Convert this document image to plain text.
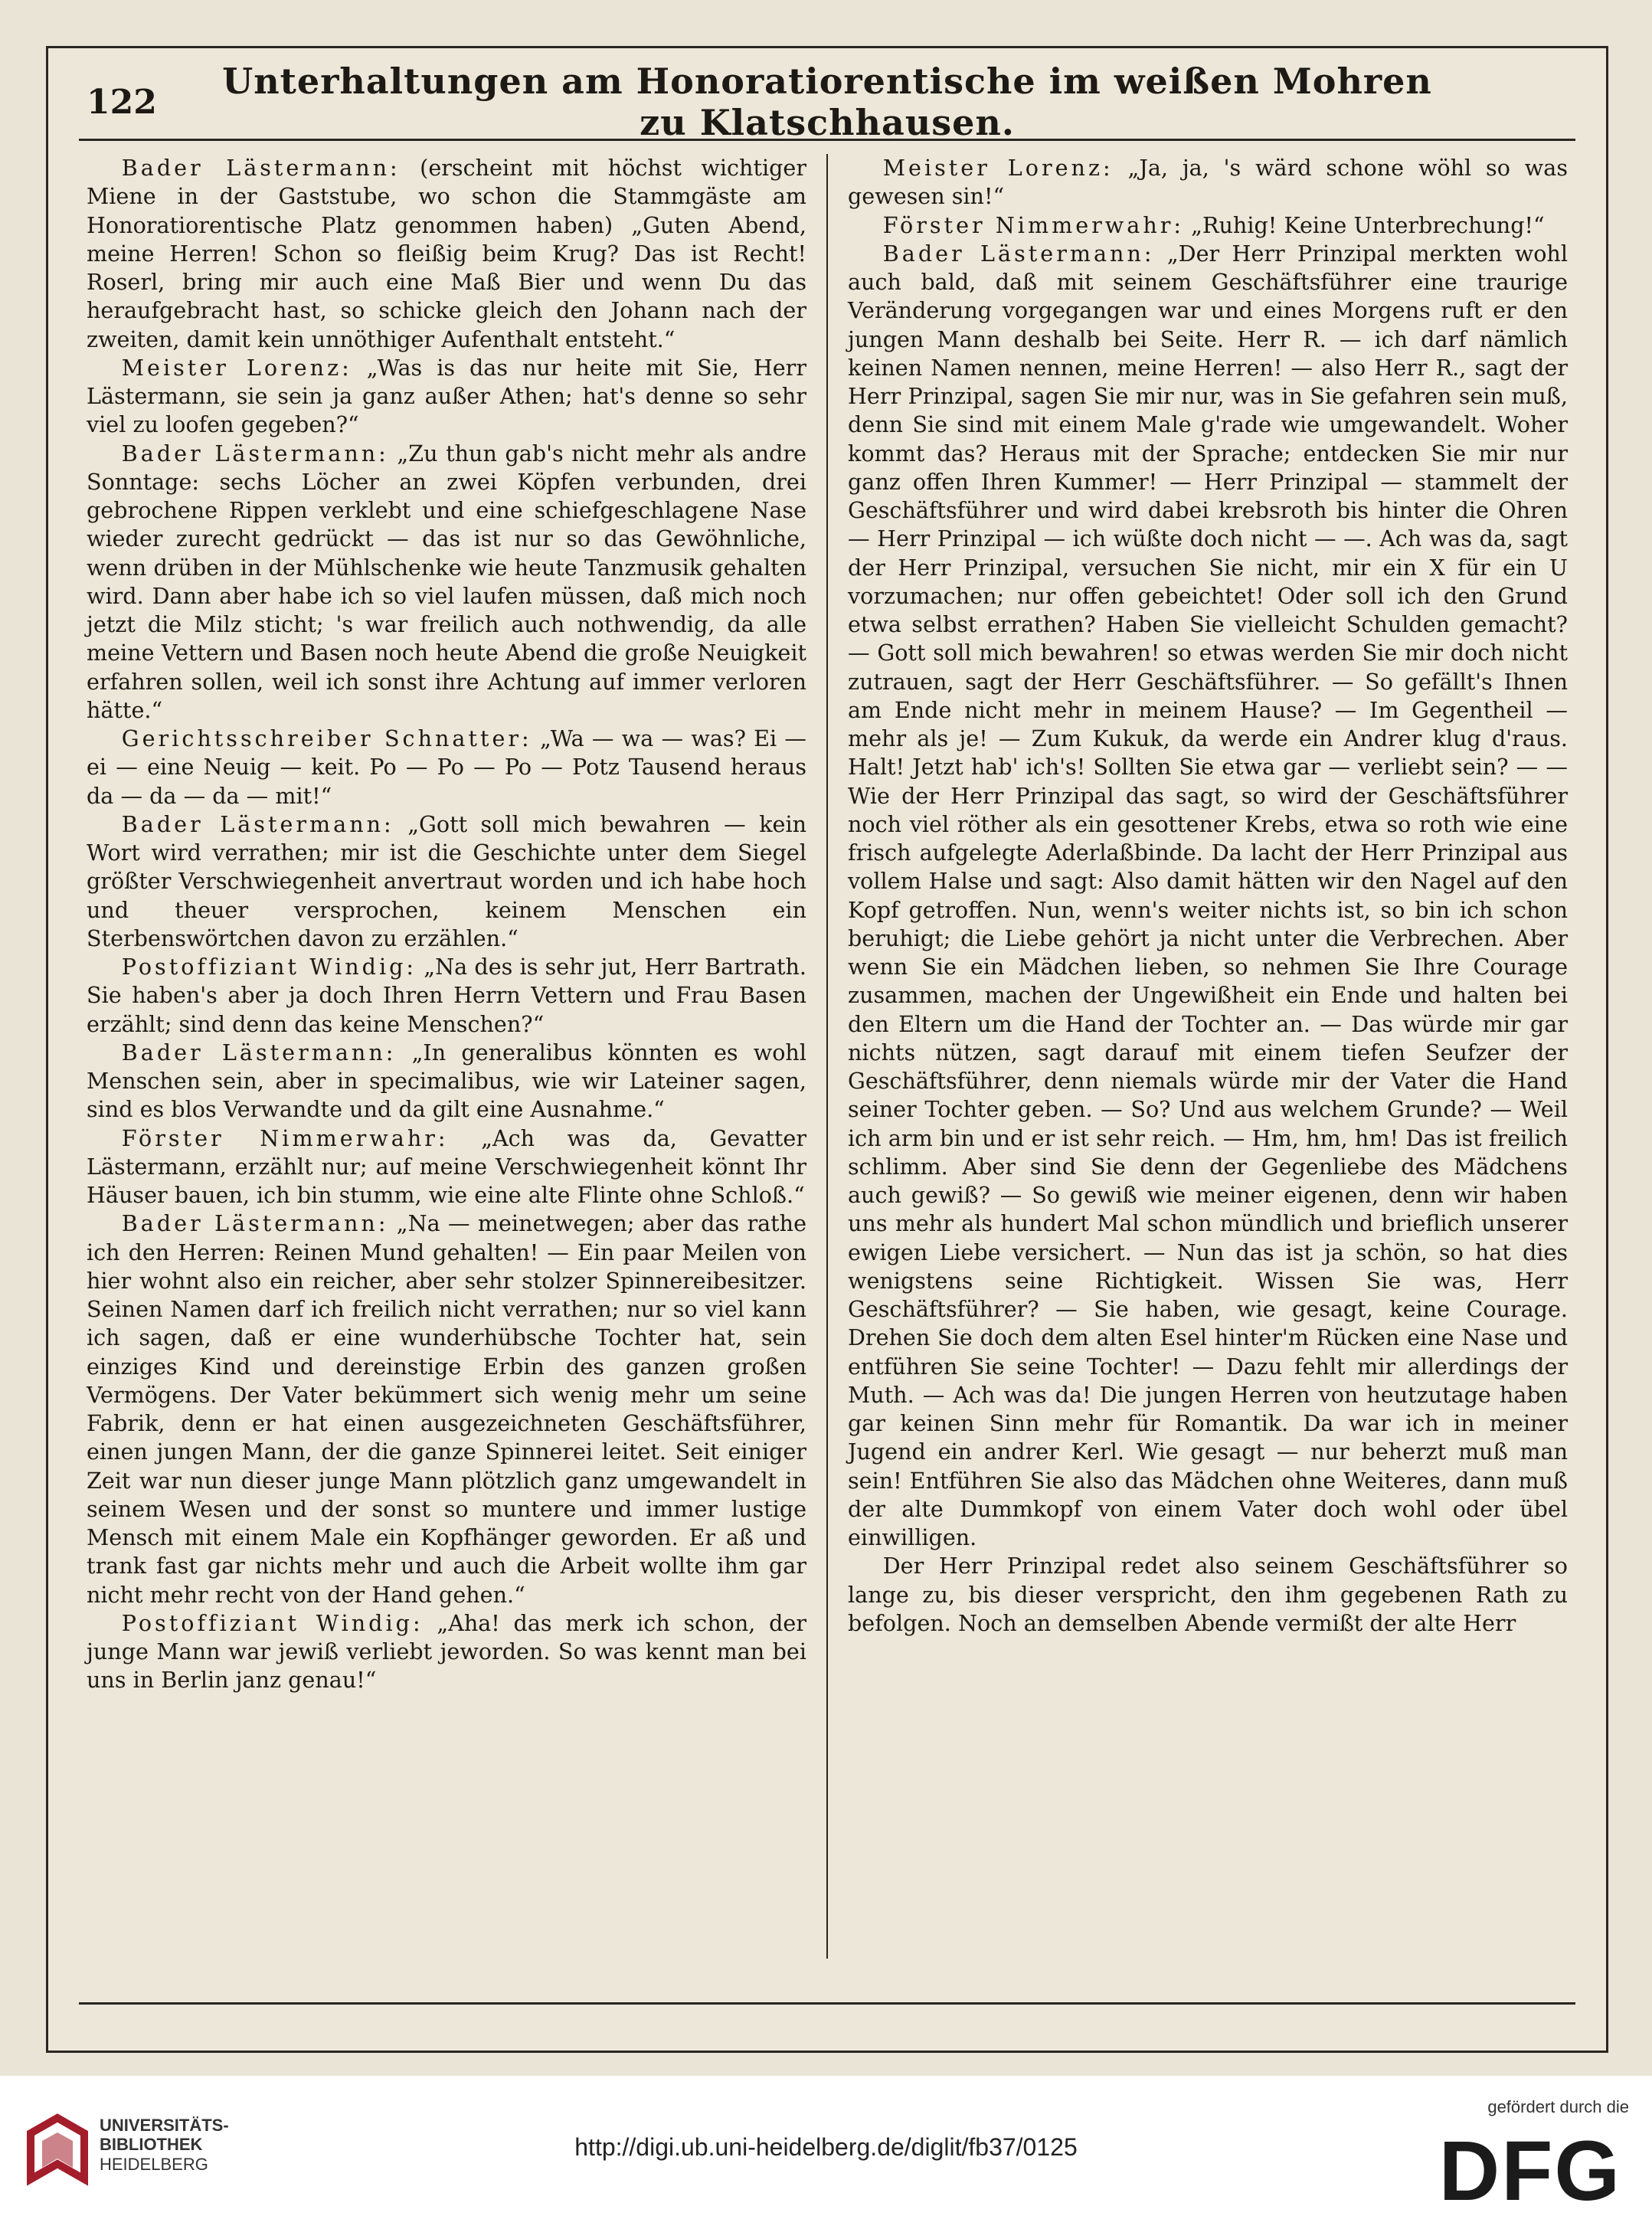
122	Unterhaltungen am Honoratiorentische im weißen Mohren zu Klatschhausen.

Bader Lästermann: (erscheint mit höchst wichtiger Miene in der Gaststube, wo schon die Stammgäste am Honoratiorentische Platz genommen haben) „Guten Abend, meine Herren! Schon so fleißig beim Krug? Das ist Recht! Roserl, bring mir auch eine Maß Bier und wenn Du das heraufgebracht hast, so schicke gleich den Johann nach der zweiten, damit kein unnöthiger Aufenthalt entsteht.“

Meister Lorenz: „Was is das nur heite mit Sie, Herr Lästermann, sie sein ja ganz außer Athen; hat's denne so sehr viel zu loofen gegeben?“

Bader Lästermann: „Zu thun gab's nicht mehr als andre Sonntage: sechs Löcher an zwei Köpfen verbunden, drei gebrochene Rippen verklebt und eine schiefgeschlagene Nase wieder zurecht gedrückt — das ist nur so das Gewöhnliche, wenn drüben in der Mühlschenke wie heute Tanzmusik gehalten wird. Dann aber habe ich so viel laufen müssen, daß mich noch jetzt die Milz sticht; 's war freilich auch nothwendig, da alle meine Vettern und Basen noch heute Abend die große Neuigkeit erfahren sollen, weil ich sonst ihre Achtung auf immer verloren hätte.“

Gerichtsschreiber Schnatter: „Wa — wa — was? Ei — ei — eine Neuig — keit. Po — Po — Po — Potz Tausend heraus da — da — da — mit!“

Bader Lästermann: „Gott soll mich bewahren — kein Wort wird verrathen; mir ist die Geschichte unter dem Siegel größter Verschwiegenheit anvertraut worden und ich habe hoch und theuer versprochen, keinem Menschen ein Sterbenswörtchen davon zu erzählen.“

Postoffiziant Windig: „Na des is sehr jut, Herr Bartrath. Sie haben's aber ja doch Ihren Herrn Vettern und Frau Basen erzählt; sind denn das keine Menschen?“

Bader Lästermann: „In generalibus könnten es wohl Menschen sein, aber in specimalibus, wie wir Lateiner sagen, sind es blos Verwandte und da gilt eine Ausnahme.“

Förster Nimmerwahr: „Ach was da, Gevatter Lästermann, erzählt nur; auf meine Verschwiegenheit könnt Ihr Häuser bauen, ich bin stumm, wie eine alte Flinte ohne Schloß.“

Bader Lästermann: „Na — meinetwegen; aber das rathe ich den Herren: Reinen Mund gehalten! — Ein paar Meilen von hier wohnt also ein reicher, aber sehr stolzer Spinnereibesitzer. Seinen Namen darf ich freilich nicht verrathen; nur so viel kann ich sagen, daß er eine wunderhübsche Tochter hat, sein einziges Kind und dereinstige Erbin des ganzen großen Vermögens. Der Vater bekümmert sich wenig mehr um seine Fabrik, denn er hat einen ausgezeichneten Geschäftsführer, einen jungen Mann, der die ganze Spinnerei leitet. Seit einiger Zeit war nun dieser junge Mann plötzlich ganz umgewandelt in seinem Wesen und der sonst so muntere und immer lustige Mensch mit einem Male ein Kopfhänger geworden. Er aß und trank fast gar nichts mehr und auch die Arbeit wollte ihm gar nicht mehr recht von der Hand gehen.“

Postoffiziant Windig: „Aha! das merk ich schon, der junge Mann war jewiß verliebt jeworden. So was kennt man bei uns in Berlin janz genau!“

Meister Lorenz: „Ja, ja, 's wärd schone wöhl so was gewesen sin!“

Förster Nimmerwahr: „Ruhig! Keine Unterbrechung!“

Bader Lästermann: „Der Herr Prinzipal merkten wohl auch bald, daß mit seinem Geschäftsführer eine traurige Veränderung vorgegangen war und eines Morgens ruft er den jungen Mann deshalb bei Seite. Herr R. — ich darf nämlich keinen Namen nennen, meine Herren! — also Herr R., sagt der Herr Prinzipal, sagen Sie mir nur, was in Sie gefahren sein muß, denn Sie sind mit einem Male g'rade wie umgewandelt. Woher kommt das? Heraus mit der Sprache; entdecken Sie mir nur ganz offen Ihren Kummer! — Herr Prinzipal — stammelt der Geschäftsführer und wird dabei krebsroth bis hinter die Ohren — Herr Prinzipal — ich wüßte doch nicht — —. Ach was da, sagt der Herr Prinzipal, versuchen Sie nicht, mir ein X für ein U vorzumachen; nur offen gebeichtet! Oder soll ich den Grund etwa selbst errathen? Haben Sie vielleicht Schulden gemacht? — Gott soll mich bewahren! so etwas werden Sie mir doch nicht zutrauen, sagt der Herr Geschäftsführer. — So gefällt's Ihnen am Ende nicht mehr in meinem Hause? — Im Gegentheil — mehr als je! — Zum Kukuk, da werde ein Andrer klug d'raus. Halt! Jetzt hab' ich's! Sollten Sie etwa gar — verliebt sein? — — Wie der Herr Prinzipal das sagt, so wird der Geschäftsführer noch viel röther als ein gesottener Krebs, etwa so roth wie eine frisch aufgelegte Aderlaßbinde. Da lacht der Herr Prinzipal aus vollem Halse und sagt: Also damit hätten wir den Nagel auf den Kopf getroffen. Nun, wenn's weiter nichts ist, so bin ich schon beruhigt; die Liebe gehört ja nicht unter die Verbrechen. Aber wenn Sie ein Mädchen lieben, so nehmen Sie Ihre Courage zusammen, machen der Ungewißheit ein Ende und halten bei den Eltern um die Hand der Tochter an. — Das würde mir gar nichts nützen, sagt darauf mit einem tiefen Seufzer der Geschäftsführer, denn niemals würde mir der Vater die Hand seiner Tochter geben. — So? Und aus welchem Grunde? — Weil ich arm bin und er ist sehr reich. — Hm, hm, hm! Das ist freilich schlimm. Aber sind Sie denn der Gegenliebe des Mädchens auch gewiß? — So gewiß wie meiner eigenen, denn wir haben uns mehr als hundert Mal schon mündlich und brieflich unserer ewigen Liebe versichert. — Nun das ist ja schön, so hat dies wenigstens seine Richtigkeit. Wissen Sie was, Herr Geschäftsführer? — Sie haben, wie gesagt, keine Courage. Drehen Sie doch dem alten Esel hinter'm Rücken eine Nase und entführen Sie seine Tochter! — Dazu fehlt mir allerdings der Muth. — Ach was da! Die jungen Herren von heutzutage haben gar keinen Sinn mehr für Romantik. Da war ich in meiner Jugend ein andrer Kerl. Wie gesagt — nur beherzt muß man sein! Entführen Sie also das Mädchen ohne Weiteres, dann muß der alte Dummkopf von einem Vater doch wohl oder übel einwilligen.

Der Herr Prinzipal redet also seinem Geschäftsführer so lange zu, bis dieser verspricht, den ihm gegebenen Rath zu befolgen. Noch an demselben Abende vermißt der alte Herr

UNIVERSITÄTS-
BIBLIOTHEK
HEIDELBERG
http://digi.ub.uni-heidelberg.de/diglit/fb37/0125
gefördert durch die
DFG
